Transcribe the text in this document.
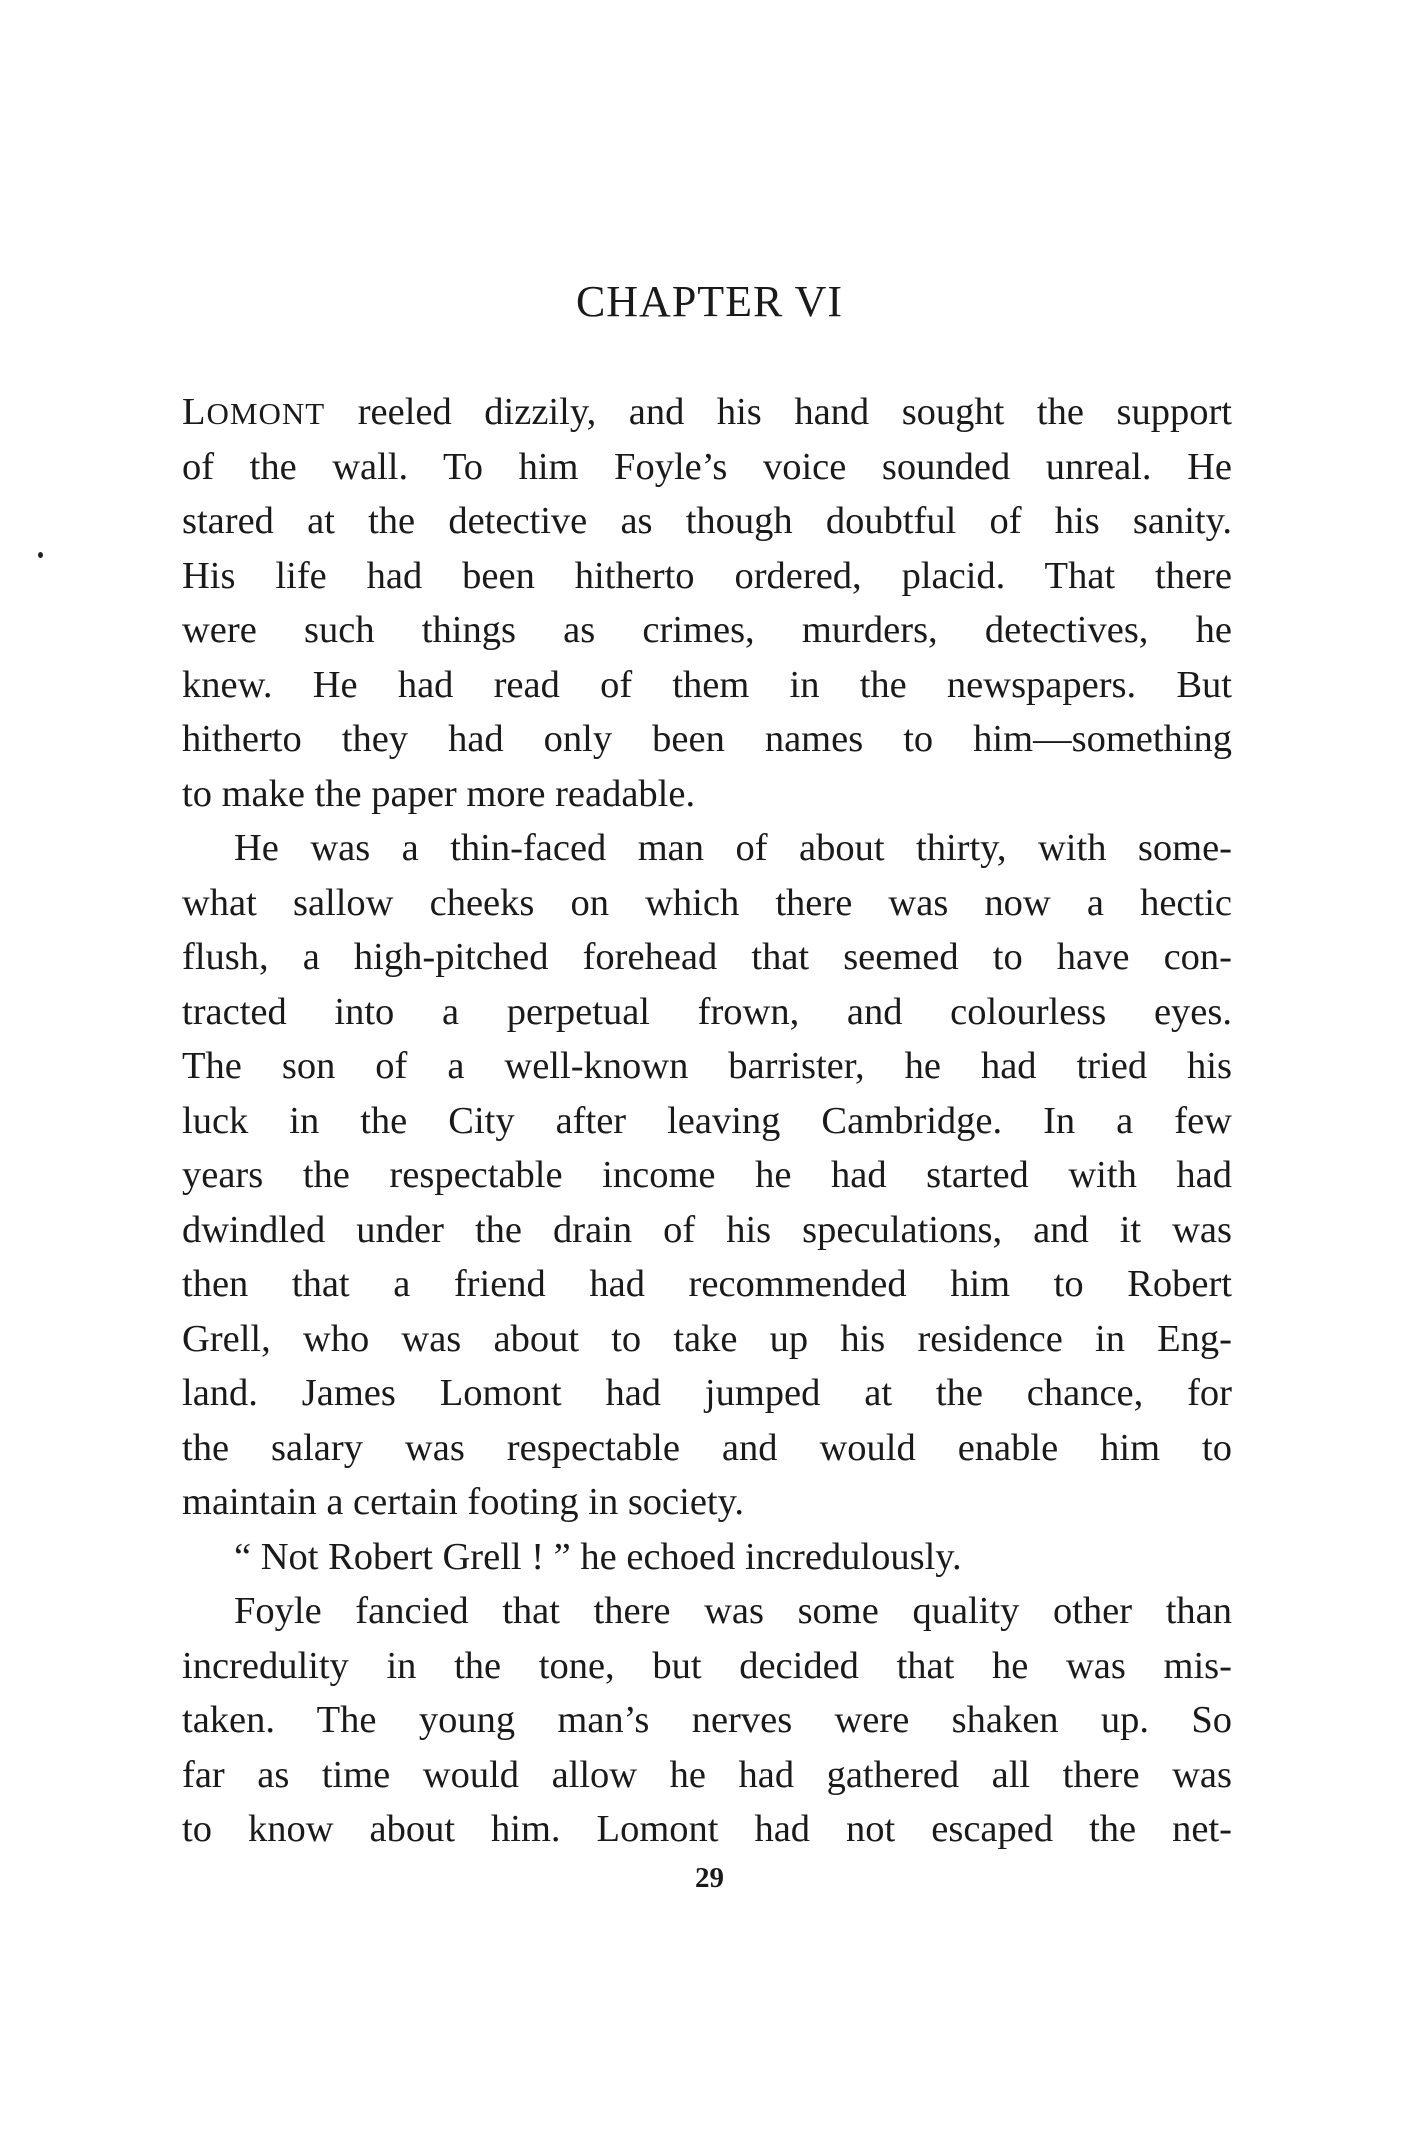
CHAPTER VI
LOMONT reeled dizzily, and his hand sought the support
of the wall. To him Foyle’s voice sounded unreal. He
stared at the detective as though doubtful of his sanity.
His life had been hitherto ordered, placid. That there
were such things as crimes, murders, detectives, he
knew. He had read of them in the newspapers. But
hitherto they had only been names to him—something
to make the paper more readable.
He was a thin-faced man of about thirty, with some-
what sallow cheeks on which there was now a hectic
flush, a high-pitched forehead that seemed to have con-
tracted into a perpetual frown, and colourless eyes.
The son of a well-known barrister, he had tried his
luck in the City after leaving Cambridge. In a few
years the respectable income he had started with had
dwindled under the drain of his speculations, and it was
then that a friend had recommended him to Robert
Grell, who was about to take up his residence in Eng-
land. James Lomont had jumped at the chance, for
the salary was respectable and would enable him to
maintain a certain footing in society.
“ Not Robert Grell ! ” he echoed incredulously.
Foyle fancied that there was some quality other than
incredulity in the tone, but decided that he was mis-
taken. The young man’s nerves were shaken up. So
far as time would allow he had gathered all there was
to know about him. Lomont had not escaped the net-
29
